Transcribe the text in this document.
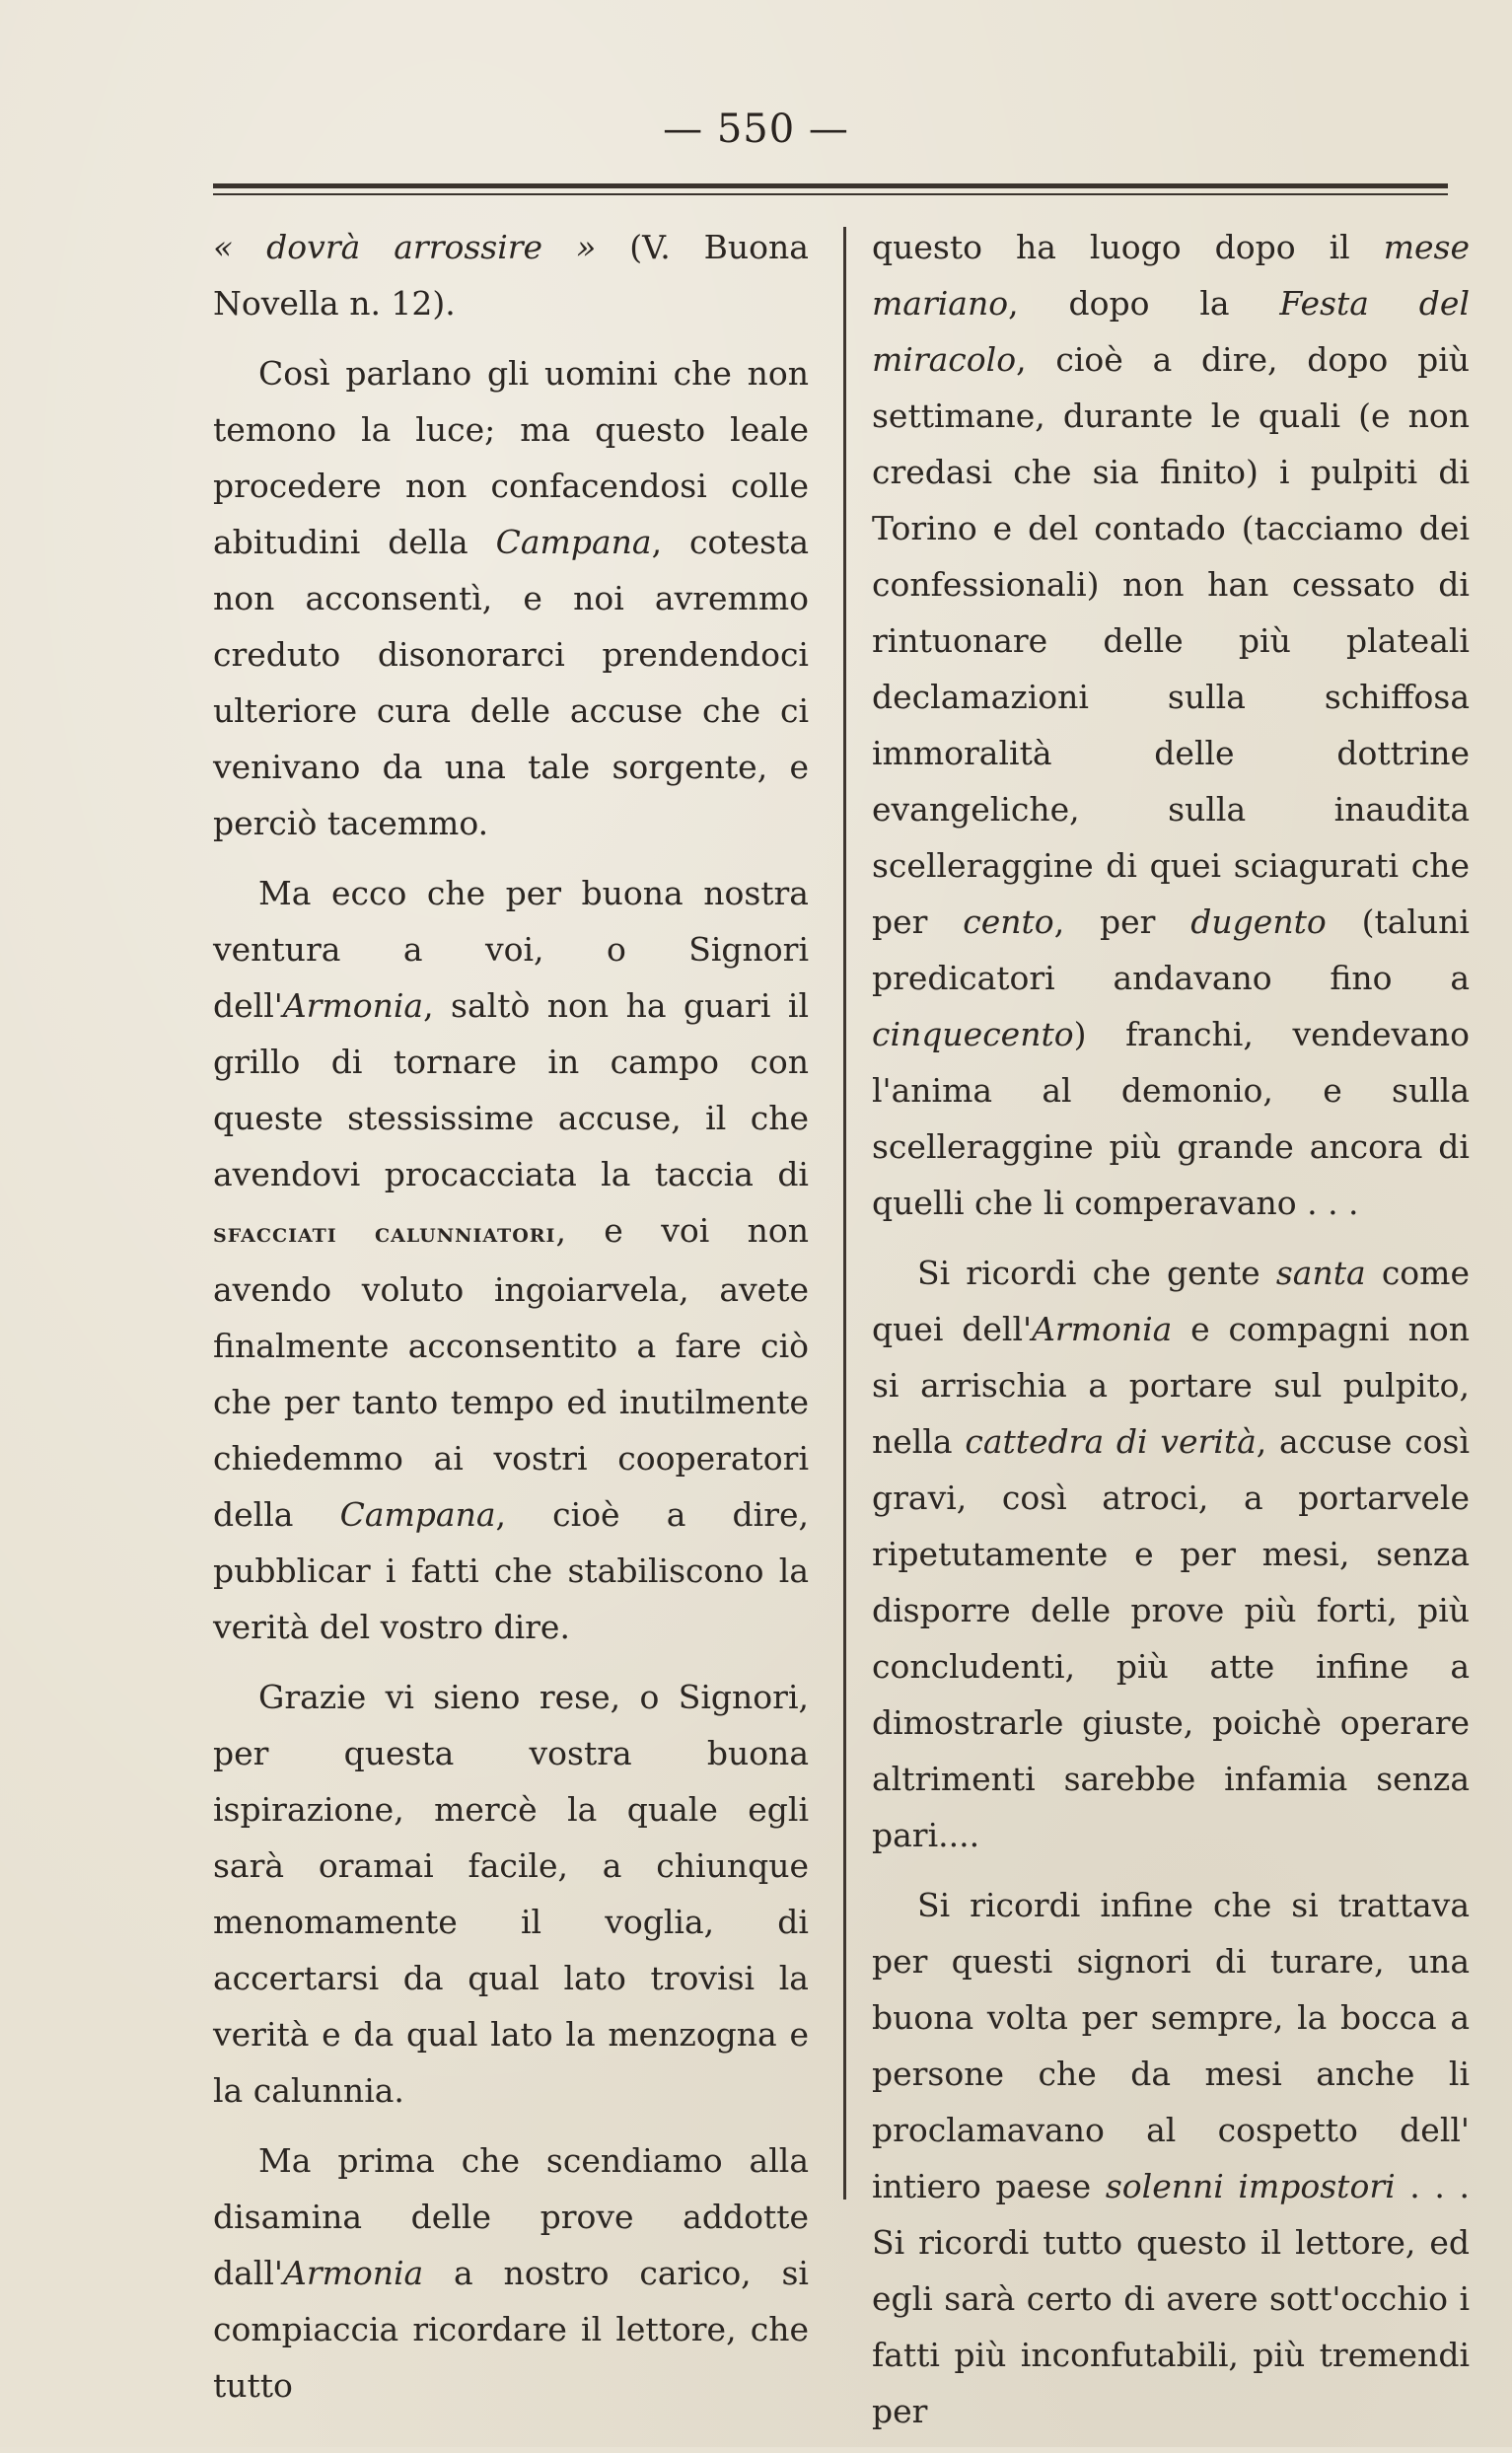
— 550 —

« dovrà arrossire » (V. Buona Novella n. 12).

Così parlano gli uomini che non temono la luce; ma questo leale procedere non confacendosi colle abitudini della Campana, cotesta non acconsentì, e noi avremmo creduto disonorarci prendendoci ulteriore cura delle accuse che ci venivano da una tale sorgente, e perciò tacemmo.

Ma ecco che per buona nostra ventura a voi, o Signori dell'Armonia, saltò non ha guari il grillo di tornare in campo con queste stessissime accuse, il che avendovi procacciata la taccia di sfacciati calunniatori, e voi non avendo voluto ingoiarvela, avete finalmente acconsentito a fare ciò che per tanto tempo ed inutilmente chiedemmo ai vostri cooperatori della Campana, cioè a dire, pubblicar i fatti che stabiliscono la verità del vostro dire.

Grazie vi sieno rese, o Signori, per questa vostra buona ispirazione, mercè la quale egli sarà oramai facile, a chiunque menomamente il voglia, di accertarsi da qual lato trovisi la verità e da qual lato la menzogna e la calunnia.

Ma prima che scendiamo alla disamina delle prove addotte dall'Armonia a nostro carico, si compiaccia ricordare il lettore, che tutto

questo ha luogo dopo il mese mariano, dopo la Festa del miracolo, cioè a dire, dopo più settimane, durante le quali (e non credasi che sia finito) i pulpiti di Torino e del contado (tacciamo dei confessionali) non han cessato di rintuonare delle più plateali declamazioni sulla schiffosa immoralità delle dottrine evangeliche, sulla inaudita scelleraggine di quei sciagurati che per cento, per dugento (taluni predicatori andavano fino a cinquecento) franchi, vendevano l'anima al demonio, e sulla scelleraggine più grande ancora di quelli che li comperavano . . .

Si ricordi che gente santa come quei dell'Armonia e compagni non si arrischia a portare sul pulpito, nella cattedra di verità, accuse così gravi, così atroci, a portarvele ripetutamente e per mesi, senza disporre delle prove più forti, più concludenti, più atte infine a dimostrarle giuste, poichè operare altrimenti sarebbe infamia senza pari....

Si ricordi infine che si trattava per questi signori di turare, una buona volta per sempre, la bocca a persone che da mesi anche li proclamavano al cospetto dell' intiero paese solenni impostori . . . Si ricordi tutto questo il lettore, ed egli sarà certo di avere sott'occhio i fatti più inconfutabili, più tremendi per
